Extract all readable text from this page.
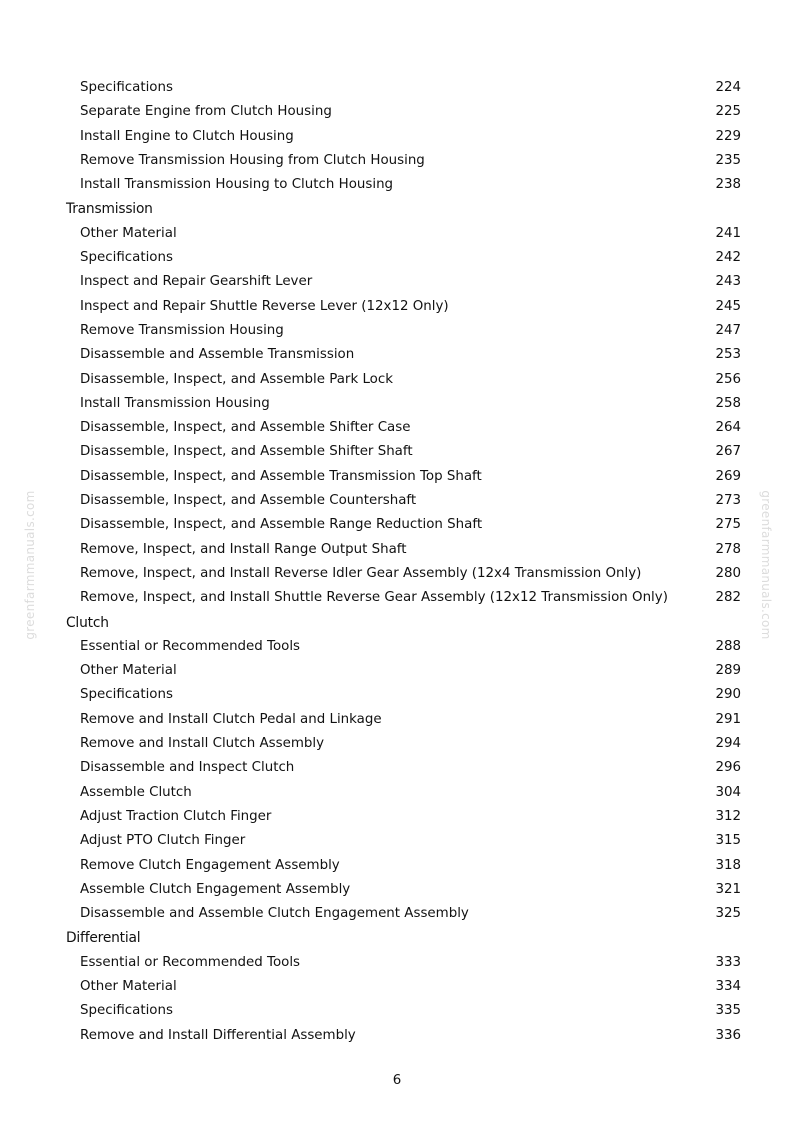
Specifications	224
Separate Engine from Clutch Housing	225
Install Engine to Clutch Housing	229
Remove Transmission Housing from Clutch Housing	235
Install Transmission Housing to Clutch Housing	238
Transmission
Other Material	241
Specifications	242
Inspect and Repair Gearshift Lever	243
Inspect and Repair Shuttle Reverse Lever (12x12 Only)	245
Remove Transmission Housing	247
Disassemble and Assemble Transmission	253
Disassemble, Inspect, and Assemble Park Lock	256
Install Transmission Housing	258
Disassemble, Inspect, and Assemble Shifter Case	264
Disassemble, Inspect, and Assemble Shifter Shaft	267
Disassemble, Inspect, and Assemble Transmission Top Shaft	269
Disassemble, Inspect, and Assemble Countershaft	273
Disassemble, Inspect, and Assemble Range Reduction Shaft	275
Remove, Inspect, and Install Range Output Shaft	278
Remove, Inspect, and Install Reverse Idler Gear Assembly (12x4 Transmission Only)	280
Remove, Inspect, and Install Shuttle Reverse Gear Assembly (12x12 Transmission Only)	282
Clutch
Essential or Recommended Tools	288
Other Material	289
Specifications	290
Remove and Install Clutch Pedal and Linkage	291
Remove and Install Clutch Assembly	294
Disassemble and Inspect Clutch	296
Assemble Clutch	304
Adjust Traction Clutch Finger	312
Adjust PTO Clutch Finger	315
Remove Clutch Engagement Assembly	318
Assemble Clutch Engagement Assembly	321
Disassemble and Assemble Clutch Engagement Assembly	325
Differential
Essential or Recommended Tools	333
Other Material	334
Specifications	335
Remove and Install Differential Assembly	336
greenfarmmanuals.com	greenfarmmanuals.com
6
